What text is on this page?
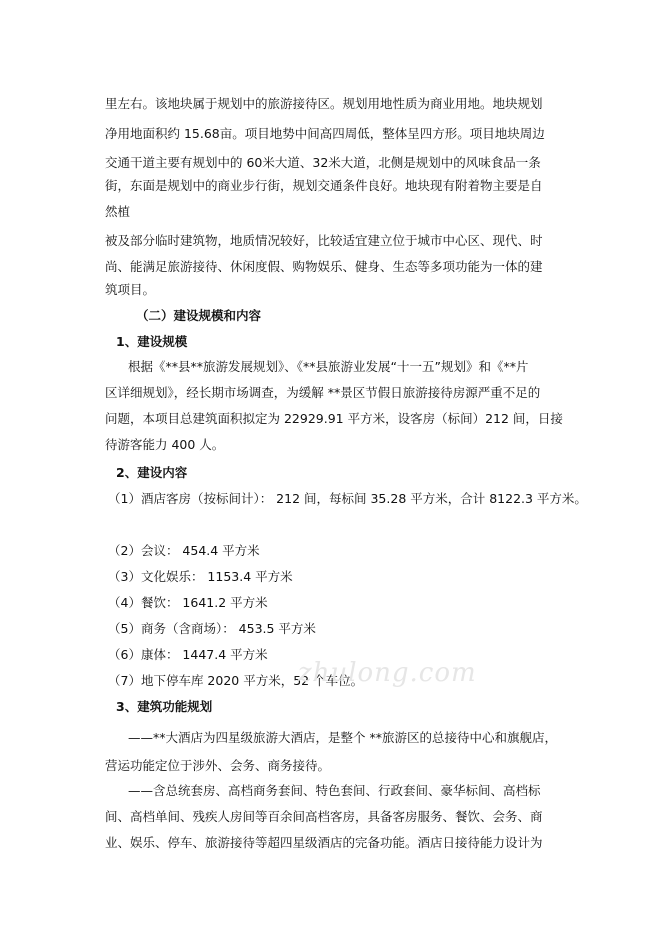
里左右。该地块属于规划中的旅游接待区。规划用地性质为商业用地。地块规划
净用地面积约 15.68亩。项目地势中间高四周低，整体呈四方形。项目地块周边
交通干道主要有规划中的 60米大道、32米大道，北侧是规划中的风味食品一条
街，东面是规划中的商业步行街，规划交通条件良好。地块现有附着物主要是自
然植
被及部分临时建筑物，地质情况较好，比较适宜建立位于城市中心区、现代、时
尚、能满足旅游接待、休闲度假、购物娱乐、健身、生态等多项功能为一体的建
筑项目。
（二）建设规模和内容
1、建设规模
根据《**县**旅游发展规划》、《**县旅游业发展“十一五”规划》和《**片
区详细规划》，经长期市场调查，为缓解 **景区节假日旅游接待房源严重不足的
问题，本项目总建筑面积拟定为 22929.91 平方米，设客房（标间）212 间，日接
待游客能力 400 人。
2、建设内容
（1）酒店客房（按标间计）： 212 间，每标间 35.28 平方米，合计 8122.3 平方米。
（2）会议： 454.4 平方米
（3）文化娱乐： 1153.4 平方米
（4）餐饮： 1641.2 平方米
（5）商务（含商场）： 453.5 平方米
（6）康体： 1447.4 平方米
（7）地下停车库 2020 平方米，52 个车位。
3、建筑功能规划
——**大酒店为四星级旅游大酒店，是整个 **旅游区的总接待中心和旗舰店，
营运功能定位于涉外、会务、商务接待。
——含总统套房、高档商务套间、特色套间、行政套间、豪华标间、高档标
间、高档单间、残疾人房间等百余间高档客房，具备客房服务、餐饮、会务、商
业、娱乐、停车、旅游接待等超四星级酒店的完备功能。酒店日接待能力设计为
zhulong.com
